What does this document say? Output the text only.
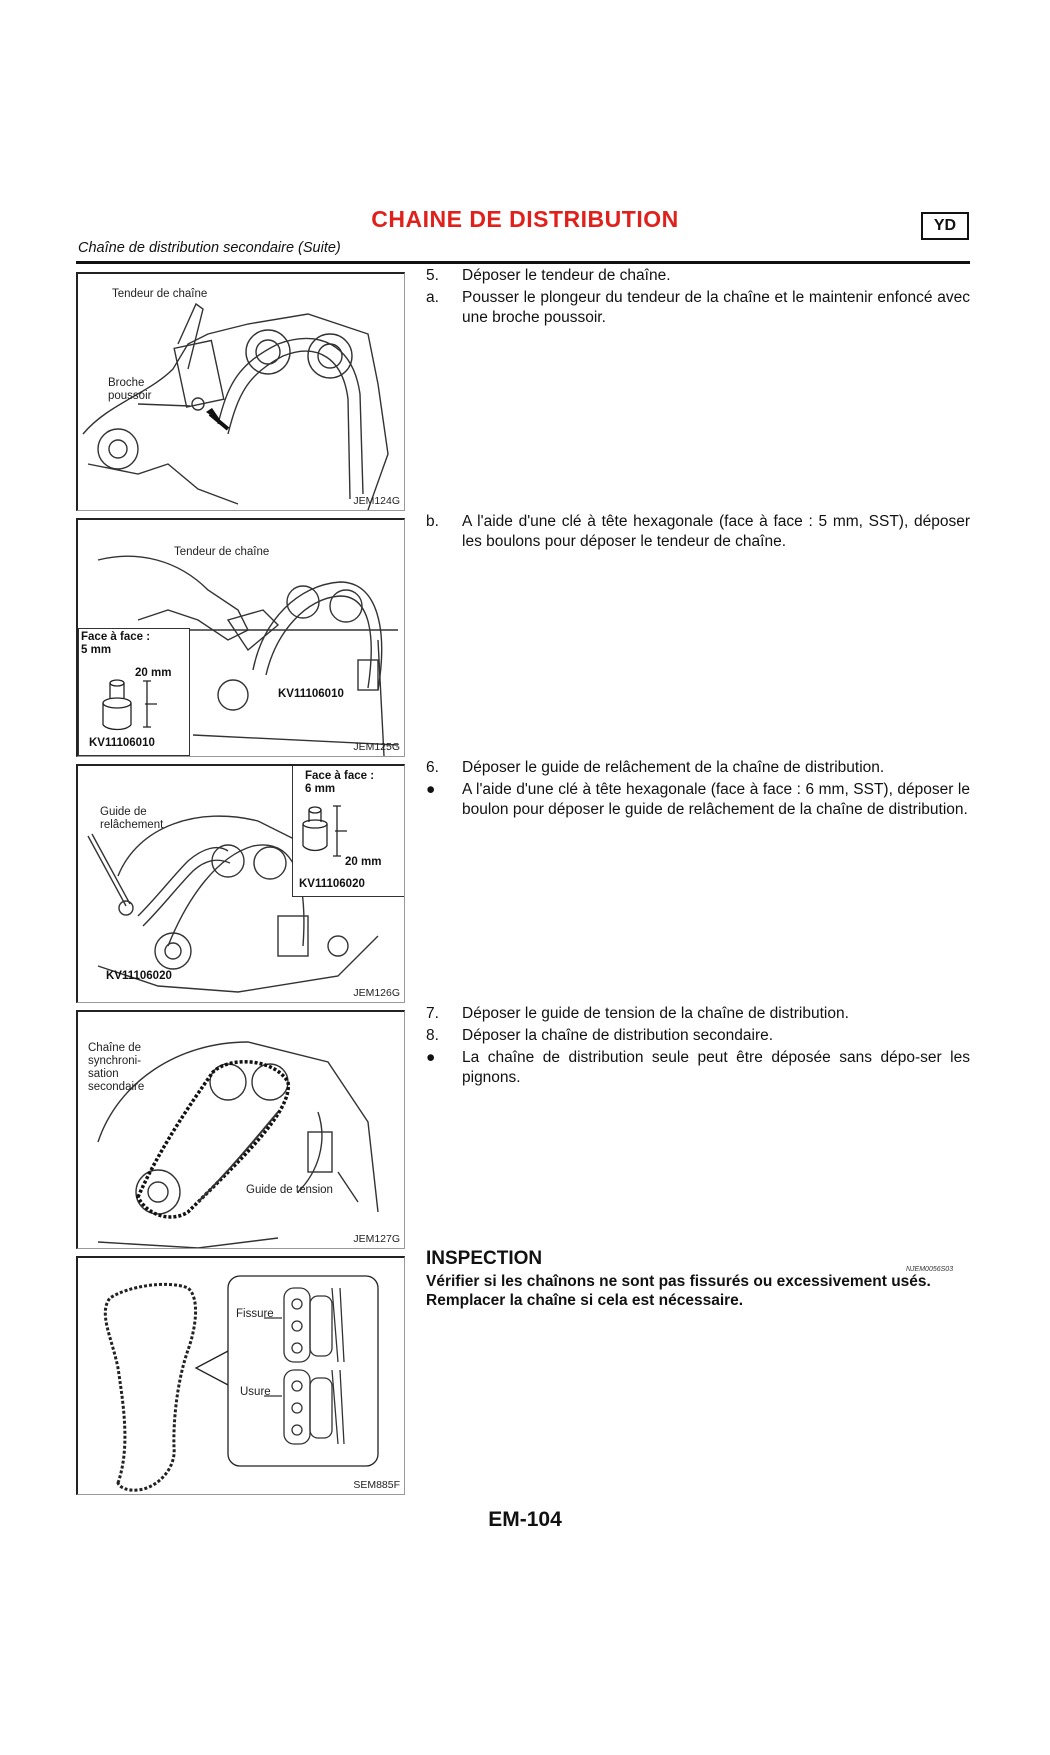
CHAINE DE DISTRIBUTION	YD
Chaîne de distribution secondaire (Suite)
Tendeur de chaîne
Broche
poussoir
JEM124G
Face à face :
5 mm
20 mm
KV11106010
Tendeur de chaîne
KV11106010
JEM125G
Face à face :
6 mm
20 mm
KV11106020
Guide de
relâchement
KV11106020
JEM126G
Chaîne de
synchroni-
sation
secondaire
Guide de tension
JEM127G
Fissure
Usure
SEM885F
5. Déposer le tendeur de chaîne.
a. Pousser le plongeur du tendeur de la chaîne et le maintenir enfoncé avec une broche poussoir.
b. A l'aide d'une clé à tête hexagonale (face à face : 5 mm, SST), déposer les boulons pour déposer le tendeur de chaîne.
6. Déposer le guide de relâchement de la chaîne de distribution.
● A l'aide d'une clé à tête hexagonale (face à face : 6 mm, SST), déposer le boulon pour déposer le guide de relâchement de la chaîne de distribution.
7. Déposer le guide de tension de la chaîne de distribution.
8. Déposer la chaîne de distribution secondaire.
● La chaîne de distribution seule peut être déposée sans dépo-ser les pignons.
INSPECTION
NJEM0056S03
Vérifier si les chaînons ne sont pas fissurés ou excessivement usés. Remplacer la chaîne si cela est nécessaire.
EM-104
